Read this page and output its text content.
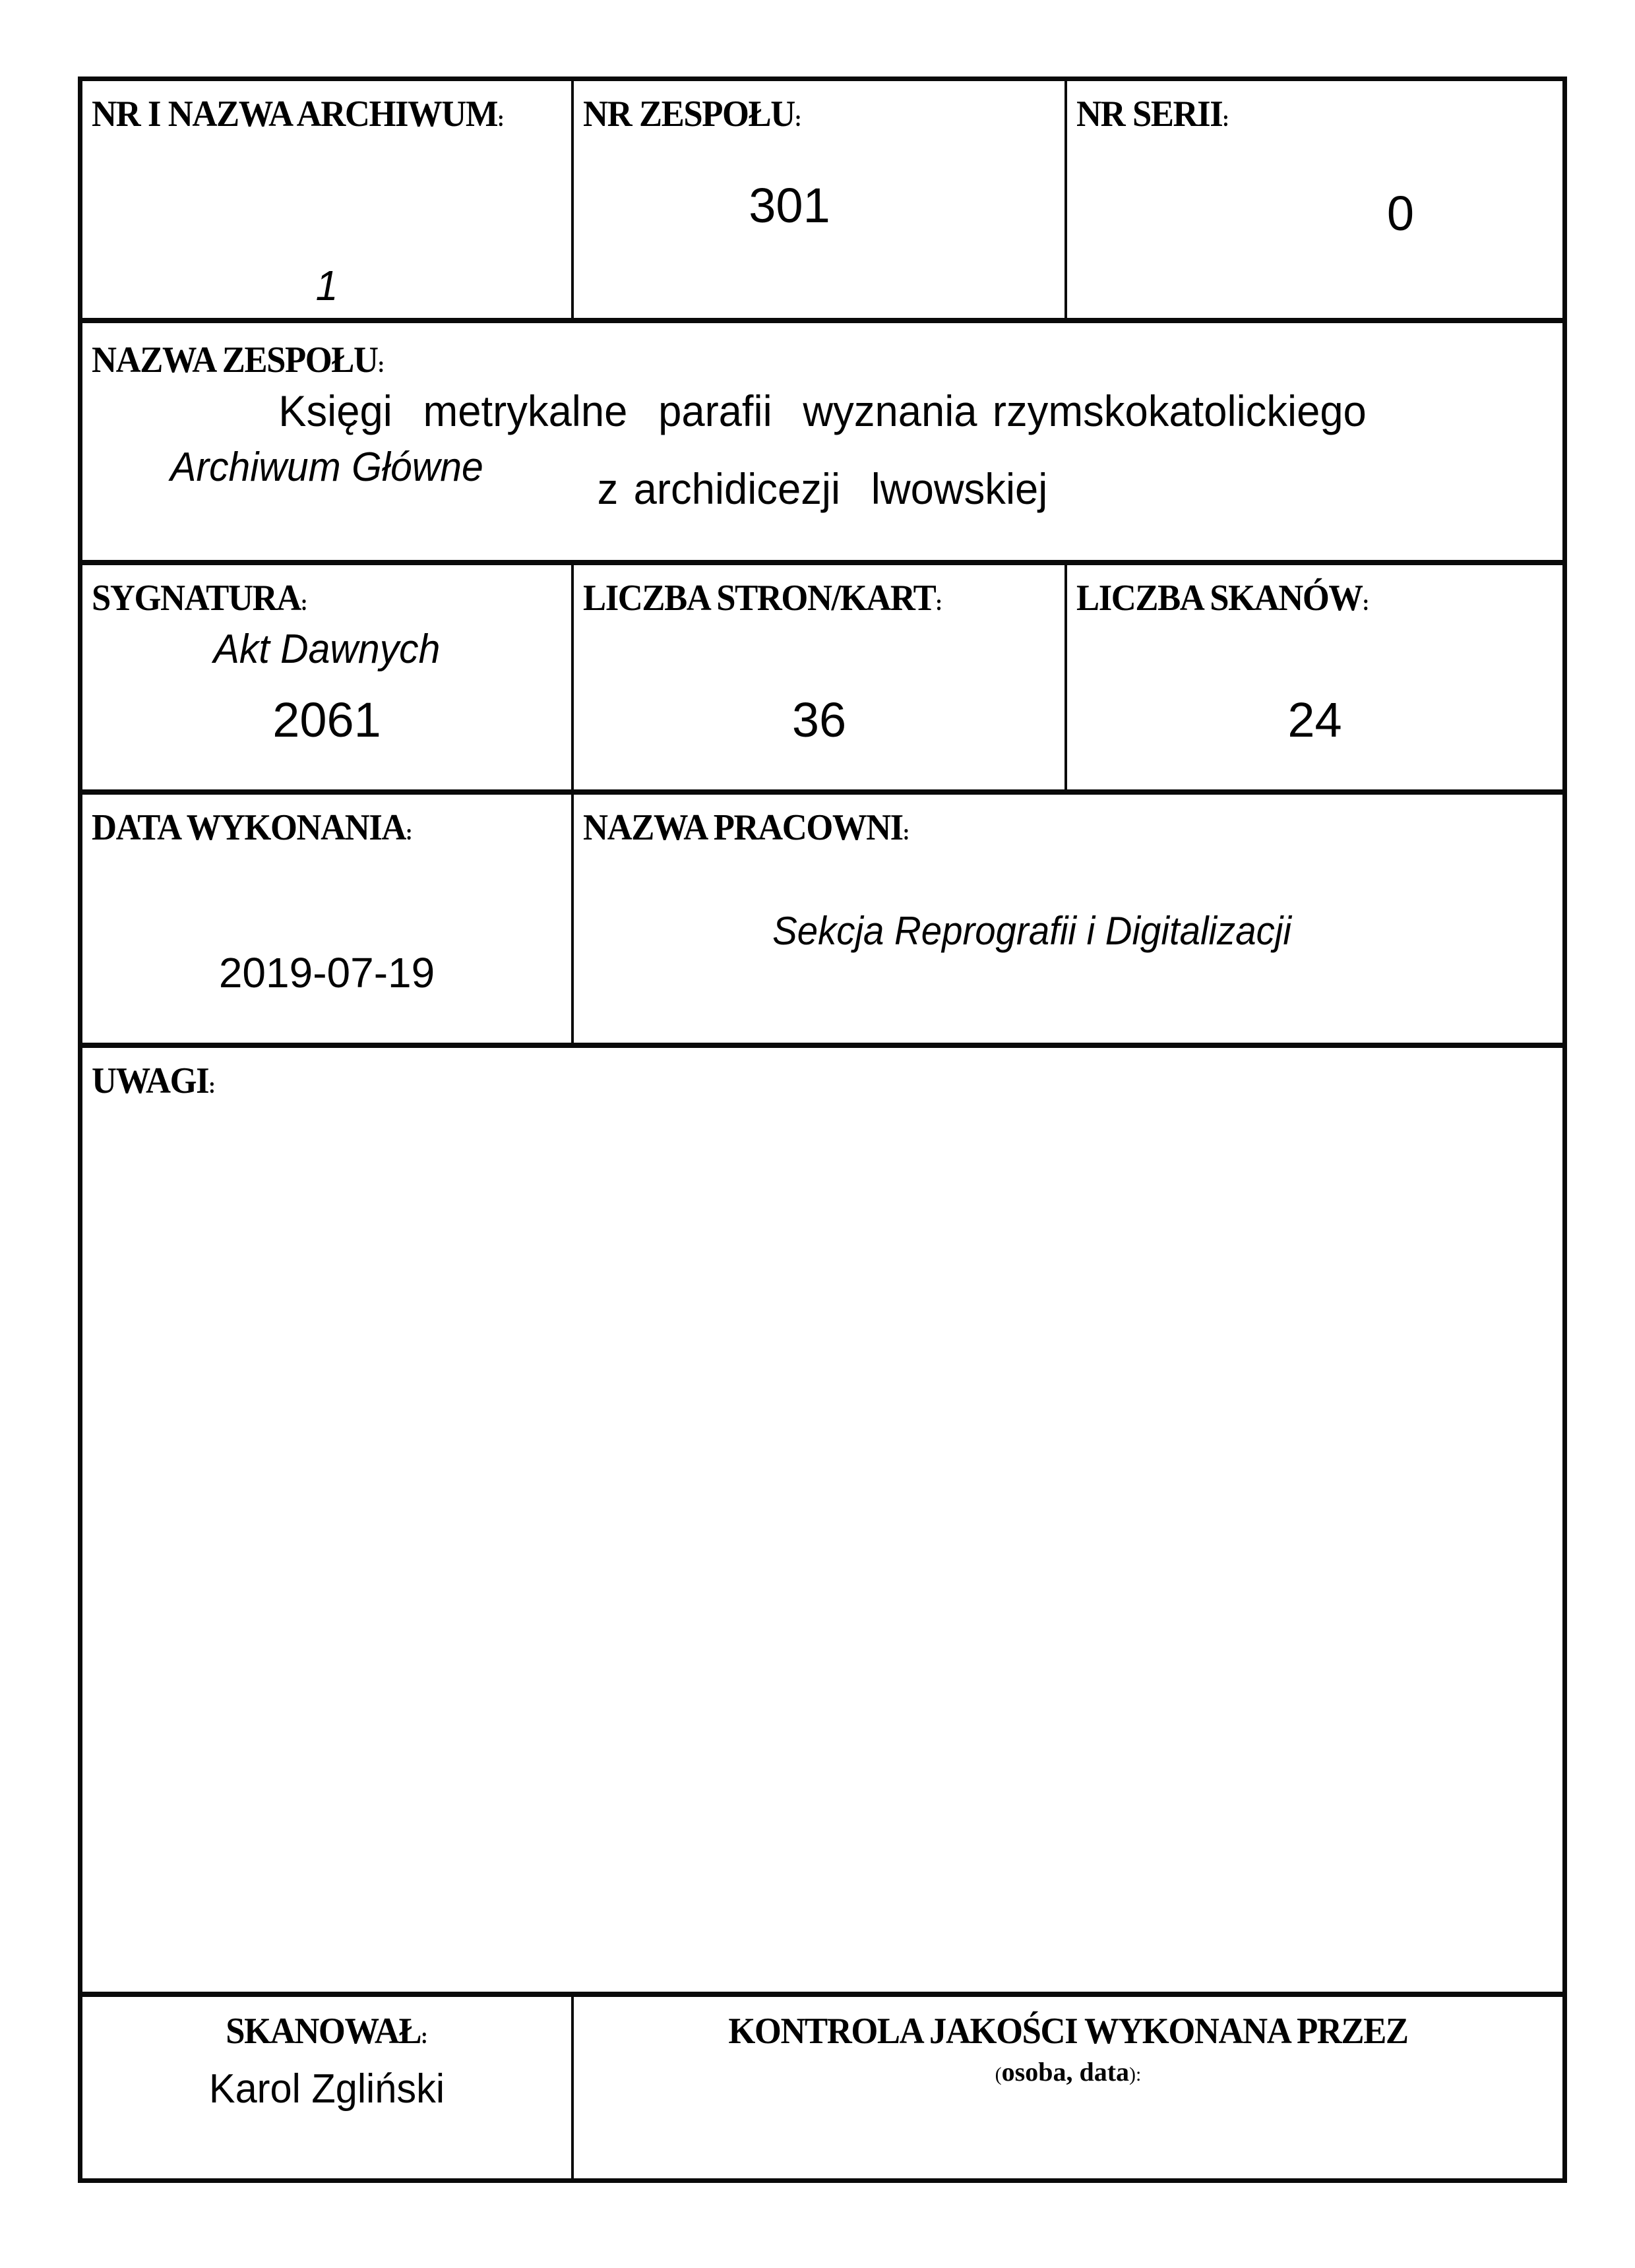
NR I NAZWA ARCHIWUM:

1

Archiwum Główne

Akt Dawnych

NR ZESPOŁU:
301
NR SERII:
0
NAZWA ZESPOŁU:
Księgi  metrykalne  parafii  wyznania rzymskokatolickiego
z archidicezji  lwowskiej
SYGNATURA:
2061
LICZBA STRON/KART:
36
LICZBA SKANÓW:
24
DATA WYKONANIA:
2019-07-19
NAZWA PRACOWNI:
Sekcja Reprografii i Digitalizacji
UWAGI:
SKANOWAŁ:
Karol Zgliński
KONTROLA JAKOŚCI WYKONANA PRZEZ
(osoba, data):
